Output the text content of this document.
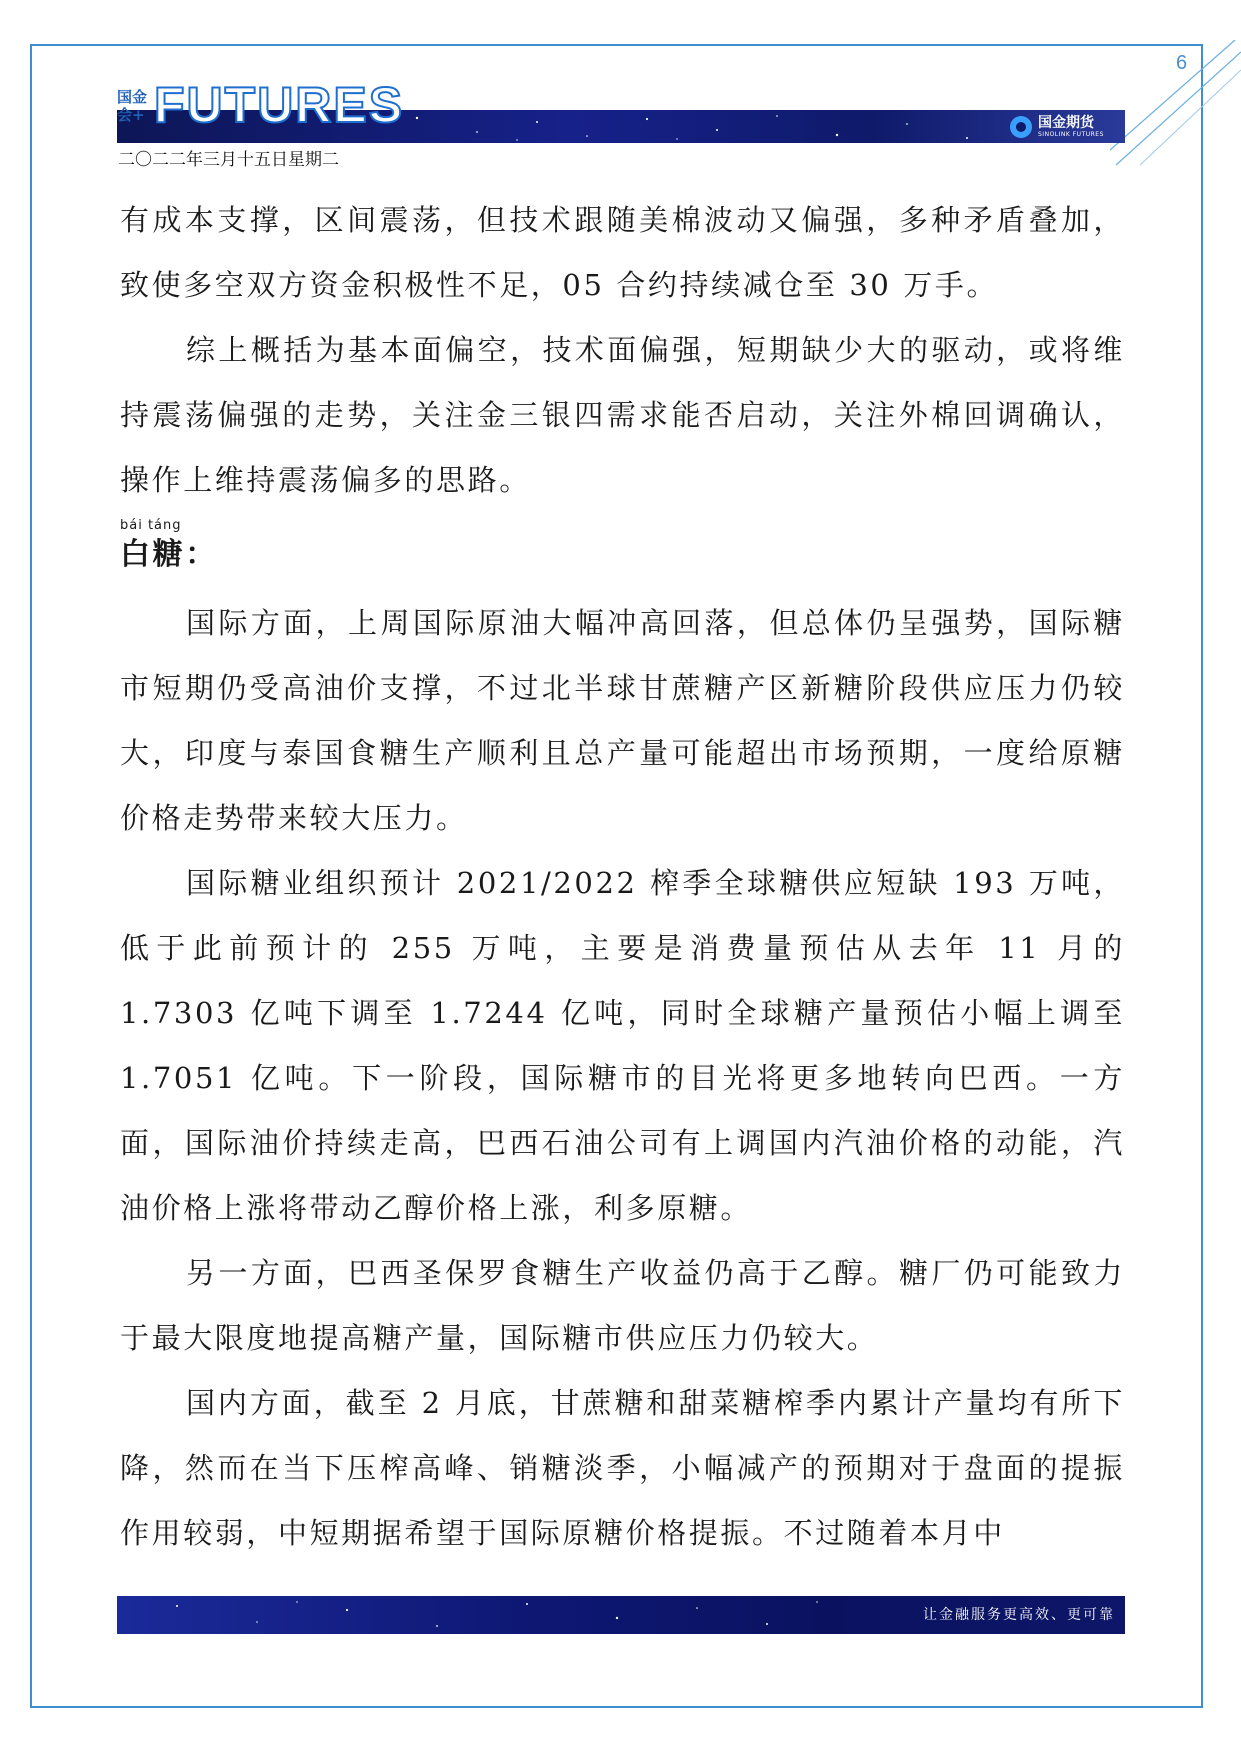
6
国金会+ FUTURES	国金期货
SINOLINK FUTURES
二〇二二年三月十五日星期二

有成本支撑，区间震荡，但技术跟随美棉波动又偏强，多种矛盾叠加，致使多空双方资金积极性不足，05 合约持续减仓至 30 万手。

综上概括为基本面偏空，技术面偏强，短期缺少大的驱动，或将维持震荡偏强的走势，关注金三银四需求能否启动，关注外棉回调确认，操作上维持震荡偏多的思路。

bái táng
白糖：

国际方面，上周国际原油大幅冲高回落，但总体仍呈强势，国际糖市短期仍受高油价支撑，不过北半球甘蔗糖产区新糖阶段供应压力仍较大，印度与泰国食糖生产顺利且总产量可能超出市场预期，一度给原糖价格走势带来较大压力。

国际糖业组织预计 2021/2022 榨季全球糖供应短缺 193 万吨，低于此前预计的 255 万吨，主要是消费量预估从去年 11 月的 1.7303 亿吨下调至 1.7244 亿吨，同时全球糖产量预估小幅上调至 1.7051 亿吨。下一阶段，国际糖市的目光将更多地转向巴西。一方面，国际油价持续走高，巴西石油公司有上调国内汽油价格的动能，汽油价格上涨将带动乙醇价格上涨，利多原糖。

另一方面，巴西圣保罗食糖生产收益仍高于乙醇。糖厂仍可能致力于最大限度地提高糖产量，国际糖市供应压力仍较大。

国内方面，截至 2 月底，甘蔗糖和甜菜糖榨季内累计产量均有所下降，然而在当下压榨高峰、销糖淡季，小幅减产的预期对于盘面的提振作用较弱，中短期据希望于国际原糖价格提振。不过随着本月中

让金融服务更高效、更可靠
